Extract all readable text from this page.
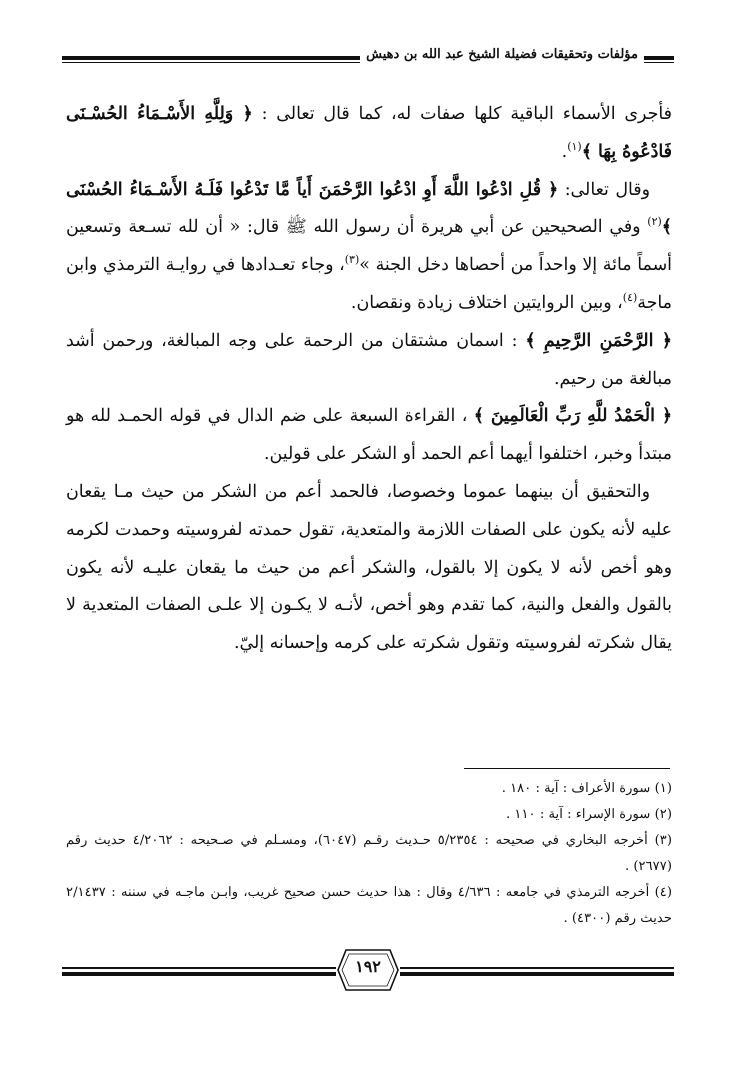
مؤلفات وتحقيقات فضيلة الشيخ عبد الله بن دهيش

فأجرى الأسماء الباقية كلها صفات له، كما قال تعالى : ﴿ وَلِلَّهِ الأَسْـمَاءُ الحُسْـنَى فَادْعُوهُ بِهَا ﴾$^{(١)}$.

وقال تعالى: ﴿ قُلِ ادْعُوا اللَّهَ أَوِ ادْعُوا الرَّحْمَنَ أَياً مَّا تَدْعُوا فَلَـهُ الأَسْـمَاءُ الحُسْنَى ﴾$^{(٢)}$ وفي الصحيحين عن أبي هريرة أن رسول الله ﷺ قال: « أن لله تسـعة وتسعين أسماً مائة إلا واحداً من أحصاها دخل الجنة »$^{(٣)}$، وجاء تعـدادها في روايـة الترمذي وابن ماجة$^{(٤)}$، وبين الروايتين اختلاف زيادة ونقصان.

﴿ الرَّحْمَنِ الرَّحِيمِ ﴾ : اسمان مشتقان من الرحمة على وجه المبالغة، ورحمن أشد مبالغة من رحيم.

﴿ الْحَمْدُ للَّهِ رَبِّ الْعَالَمِينَ ﴾ ، القراءة السبعة على ضم الدال في قوله الحمـد لله هو مبتدأ وخبر، اختلفوا أيهما أعم الحمد أو الشكر على قولين.

والتحقيق أن بينهما عموما وخصوصا، فالحمد أعم من الشكر من حيث مـا يقعان عليه لأنه يكون على الصفات اللازمة والمتعدية، تقول حمدته لفروسيته وحمدت لكرمه وهو أخص لأنه لا يكون إلا بالقول، والشكر أعم من حيث ما يقعان عليـه لأنه يكون بالقول والفعل والنية، كما تقدم وهو أخص، لأنـه لا يكـون إلا علـى الصفات المتعدية لا يقال شكرته لفروسيته وتقول شكرته على كرمه وإحسانه إليّ.

(١) سورة الأعراف : آية : ١٨٠ .
(٢) سورة الإسراء : آية : ١١٠ .
(٣) أخرجه البخاري في صحيحه : ٥/٢٣٥٤ حـديث رقـم (٦٠٤٧)، ومسـلم في صـحيحه : ٤/٢٠٦٢ حديث رقم (٢٦٧٧) .
(٤) أخرجه الترمذي في جامعه : ٤/٦٣٦ وقال : هذا حديث حسن صحيح غريب، وابـن ماجـه في سننه : ٢/١٤٣٧ حديث رقم (٤٣٠٠) .
١٩٢
